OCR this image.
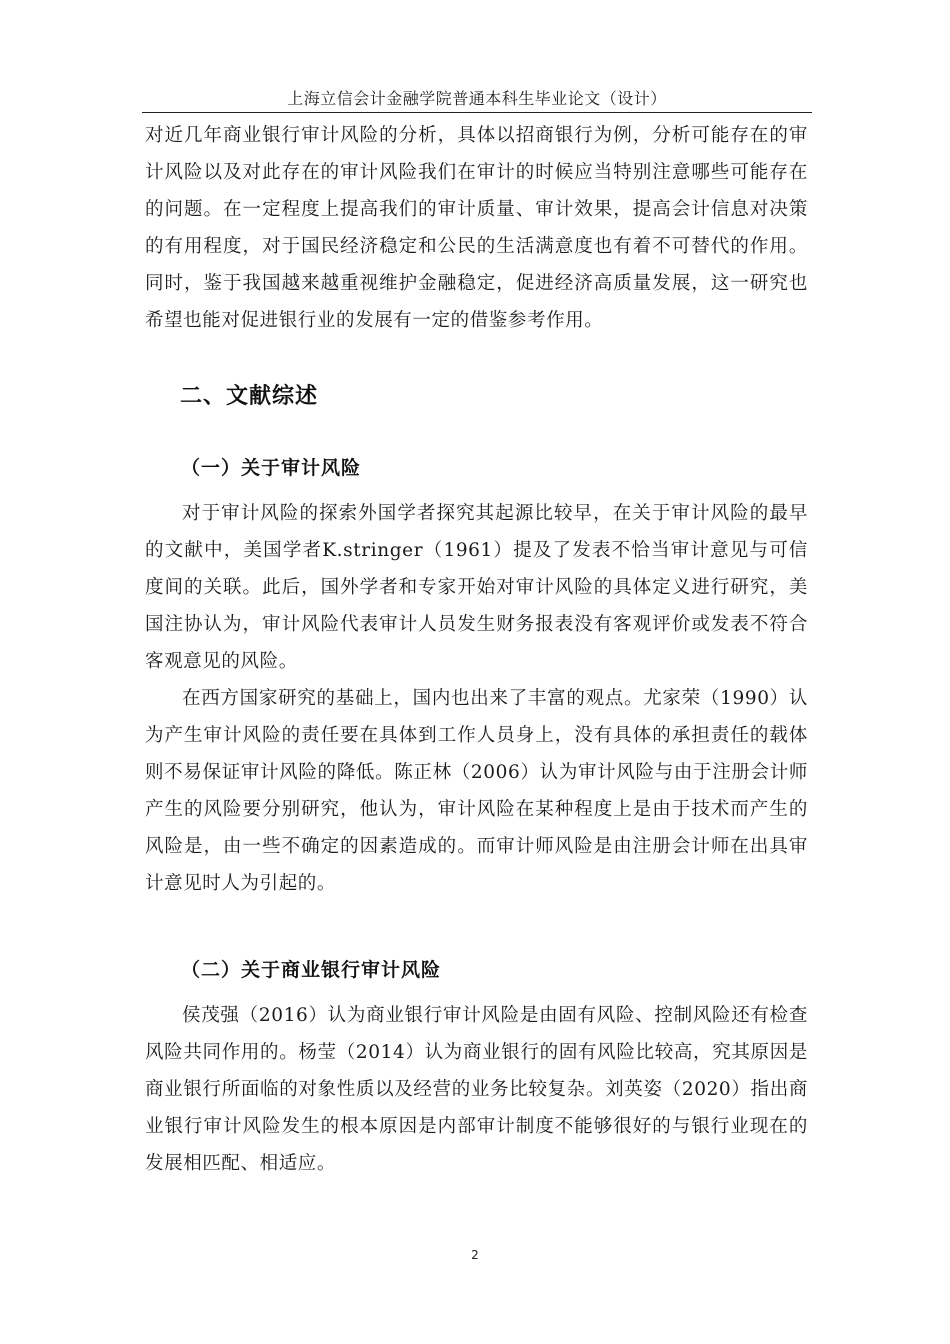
上海立信会计金融学院普通本科生毕业论文（设计）

对近几年商业银行审计风险的分析，具体以招商银行为例，分析可能存在的审计风险以及对此存在的审计风险我们在审计的时候应当特别注意哪些可能存在的问题。在一定程度上提高我们的审计质量、审计效果，提高会计信息对决策的有用程度，对于国民经济稳定和公民的生活满意度也有着不可替代的作用。同时，鉴于我国越来越重视维护金融稳定，促进经济高质量发展，这一研究也希望也能对促进银行业的发展有一定的借鉴参考作用。

二、文献综述
（一）关于审计风险

对于审计风险的探索外国学者探究其起源比较早，在关于审计风险的最早的文献中，美国学者K.stringer（1961）提及了发表不恰当审计意见与可信度间的关联。此后，国外学者和专家开始对审计风险的具体定义进行研究，美国注协认为，审计风险代表审计人员发生财务报表没有客观评价或发表不符合客观意见的风险。

在西方国家研究的基础上，国内也出来了丰富的观点。尤家荣（1990）认为产生审计风险的责任要在具体到工作人员身上，没有具体的承担责任的载体则不易保证审计风险的降低。陈正林（2006）认为审计风险与由于注册会计师产生的风险要分别研究，他认为，审计风险在某种程度上是由于技术而产生的风险是，由一些不确定的因素造成的。而审计师风险是由注册会计师在出具审计意见时人为引起的。

（二）关于商业银行审计风险

侯茂强（2016）认为商业银行审计风险是由固有风险、控制风险还有检查风险共同作用的。杨莹（2014）认为商业银行的固有风险比较高，究其原因是商业银行所面临的对象性质以及经营的业务比较复杂。刘英姿（2020）指出商业银行审计风险发生的根本原因是内部审计制度不能够很好的与银行业现在的发展相匹配、相适应。

2
